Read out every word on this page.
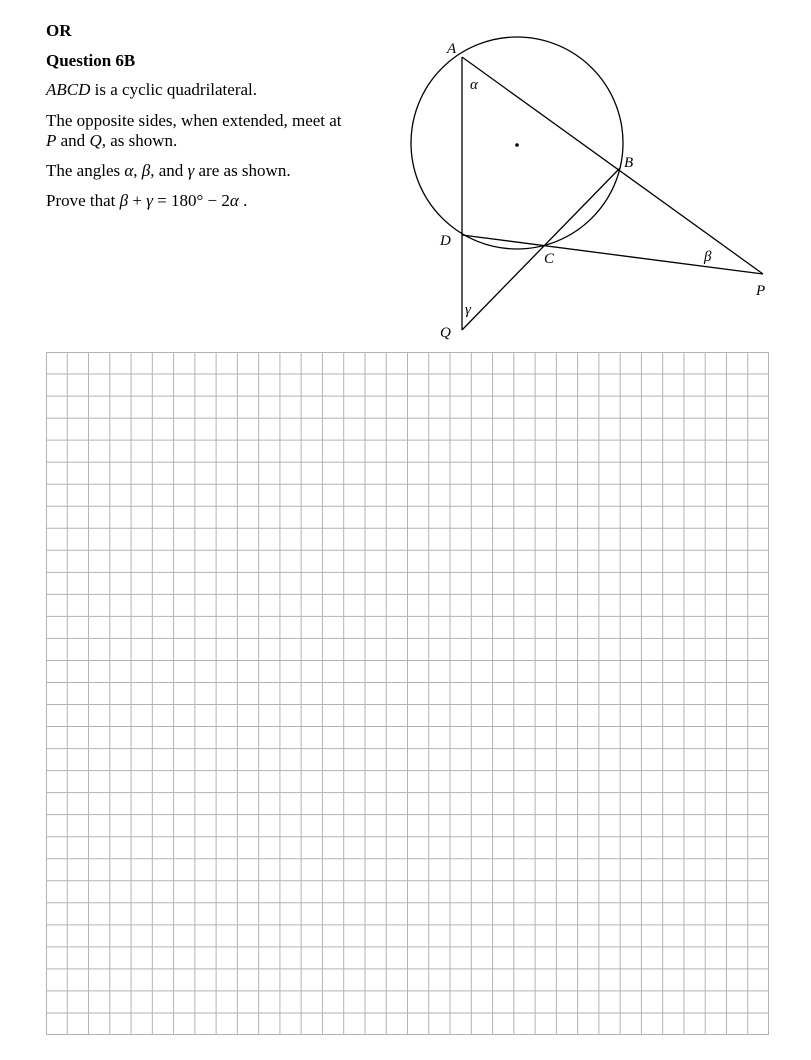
OR
Question 6B
ABCD is a cyclic quadrilateral.
The opposite sides, when extended, meet at P and Q, as shown.
The angles α, β, and γ are as shown.
Prove that β + γ = 180° − 2α .
A
B
C
D
P
Q
α
β
γ
